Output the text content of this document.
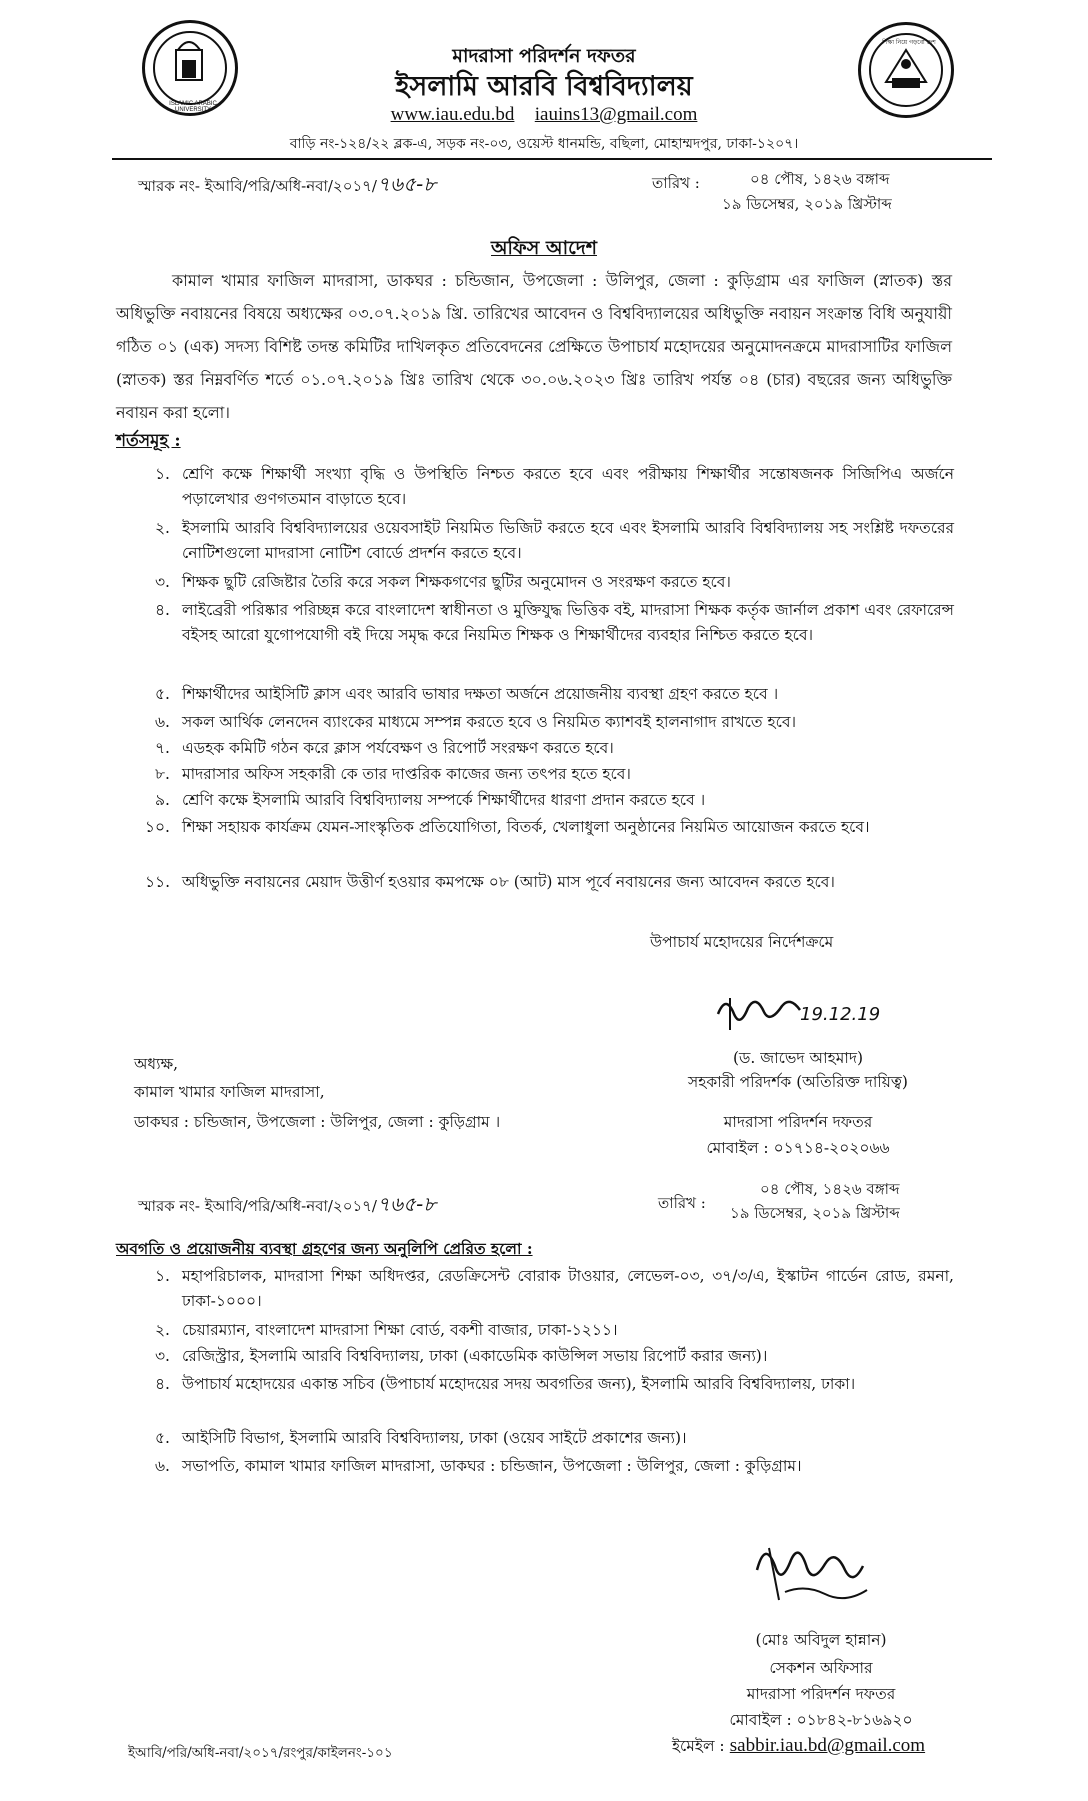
ISLAMIC ARABIC UNIVERSITY
শিক্ষা নিয়ে গড়বো দেশ
মাদরাসা পরিদর্শন দফতর
ইসলামি আরবি বিশ্ববিদ্যালয়
www.iau.edu.bd iauins13@gmail.com
বাড়ি নং-১২৪/২২ ব্লক-এ, সড়ক নং-০৩, ওয়েস্ট ধানমন্ডি, বছিলা, মোহাম্মদপুর, ঢাকা-১২০৭।
স্মারক নং- ইআবি/পরি/অধি-নবা/২০১৭/৭৬৫-৮	তারিখ :	০৪ পৌষ, ১৪২৬ বঙ্গাব্দ
১৯ ডিসেম্বর, ২০১৯ খ্রিস্টাব্দ
অফিস আদেশ
কামাল খামার ফাজিল মাদরাসা, ডাকঘর : চন্ডিজান, উপজেলা : উলিপুর, জেলা : কুড়িগ্রাম এর ফাজিল (স্নাতক) স্তর অধিভুক্তি নবায়নের বিষয়ে অধ্যক্ষের ০৩.০৭.২০১৯ খ্রি. তারিখের আবেদন ও বিশ্ববিদ্যালয়ের অধিভুক্তি নবায়ন সংক্রান্ত বিধি অনুযায়ী গঠিত ০১ (এক) সদস্য বিশিষ্ট তদন্ত কমিটির দাখিলকৃত প্রতিবেদনের প্রেক্ষিতে উপাচার্য মহোদয়ের অনুমোদনক্রমে মাদরাসাটির ফাজিল (স্নাতক) স্তর নিম্নবর্ণিত শর্তে ০১.০৭.২০১৯ খ্রিঃ তারিখ থেকে ৩০.০৬.২০২৩ খ্রিঃ তারিখ পর্যন্ত ০৪ (চার) বছরের জন্য অধিভুক্তি নবায়ন করা হলো।
শর্তসমূহ :
১. শ্রেণি কক্ষে শিক্ষার্থী সংখ্যা বৃদ্ধি ও উপস্থিতি নিশ্চত করতে হবে এবং পরীক্ষায় শিক্ষার্থীর সন্তোষজনক সিজিপিএ অর্জনে পড়ালেখার গুণগতমান বাড়াতে হবে।
২. ইসলামি আরবি বিশ্ববিদ্যালয়ের ওয়েবসাইট নিয়মিত ভিজিট করতে হবে এবং ইসলামি আরবি বিশ্ববিদ্যালয় সহ সংশ্লিষ্ট দফতরের নোটিশগুলো মাদরাসা নোটিশ বোর্ডে প্রদর্শন করতে হবে।
৩. শিক্ষক ছুটি রেজিষ্টার তৈরি করে সকল শিক্ষকগণের ছুটির অনুমোদন ও সংরক্ষণ করতে হবে।
৪. লাইব্রেরী পরিষ্কার পরিচ্ছন্ন করে বাংলাদেশ স্বাধীনতা ও মুক্তিযুদ্ধ ভিত্তিক বই, মাদরাসা শিক্ষক কর্তৃক জার্নাল প্রকাশ এবং রেফারেন্স বইসহ আরো যুগোপযোগী বই দিয়ে সমৃদ্ধ করে নিয়মিত শিক্ষক ও শিক্ষার্থীদের ব্যবহার নিশ্চিত করতে হবে।
৫. শিক্ষার্থীদের আইসিটি ক্লাস এবং আরবি ভাষার দক্ষতা অর্জনে প্রয়োজনীয় ব্যবস্থা গ্রহণ করতে হবে ।
৬. সকল আর্থিক লেনদেন ব্যাংকের মাধ্যমে সম্পন্ন করতে হবে ও নিয়মিত ক্যাশবই হালনাগাদ রাখতে হবে।
৭. এডহক কমিটি গঠন করে ক্লাস পর্যবেক্ষণ ও রিপোর্ট সংরক্ষণ করতে হবে।
৮. মাদরাসার অফিস সহকারী কে তার দাপ্তরিক কাজের জন্য তৎপর হতে হবে।
৯. শ্রেণি কক্ষে ইসলামি আরবি বিশ্ববিদ্যালয় সম্পর্কে শিক্ষার্থীদের ধারণা প্রদান করতে হবে ।
১০. শিক্ষা সহায়ক কার্যক্রম যেমন-সাংস্কৃতিক প্রতিযোগিতা, বিতর্ক, খেলাধুলা অনুষ্ঠানের নিয়মিত আয়োজন করতে হবে।
১১. অধিভুক্তি নবায়নের মেয়াদ উত্তীর্ণ হওয়ার কমপক্ষে ০৮ (আট) মাস পূর্বে নবায়নের জন্য আবেদন করতে হবে।
উপাচার্য মহোদয়ের নির্দেশক্রমে
19.12.19
(ড. জাভেদ আহমাদ)
সহকারী পরিদর্শক (অতিরিক্ত দায়িত্ব)
মাদরাসা পরিদর্শন দফতর
মোবাইল : ০১৭১৪-২০২০৬৬
অধ্যক্ষ,
কামাল খামার ফাজিল মাদরাসা,
ডাকঘর : চন্ডিজান, উপজেলা : উলিপুর, জেলা : কুড়িগ্রাম ।
স্মারক নং- ইআবি/পরি/অধি-নবা/২০১৭/৭৬৫-৮	তারিখ :
০৪ পৌষ, ১৪২৬ বঙ্গাব্দ
১৯ ডিসেম্বর, ২০১৯ খ্রিস্টাব্দ
অবগতি ও প্রয়োজনীয় ব্যবস্থা গ্রহণের জন্য অনুলিপি প্রেরিত হলো :
১. মহাপরিচালক, মাদরাসা শিক্ষা অধিদপ্তর, রেডক্রিসেন্ট বোরাক টাওয়ার, লেভেল-০৩, ৩৭/৩/এ, ইস্কাটন গার্ডেন রোড, রমনা, ঢাকা-১০০০।
২. চেয়ারম্যান, বাংলাদেশ মাদরাসা শিক্ষা বোর্ড, বকশী বাজার, ঢাকা-১২১১।
৩. রেজিস্ট্রার, ইসলামি আরবি বিশ্ববিদ্যালয়, ঢাকা (একাডেমিক কাউন্সিল সভায় রিপোর্ট করার জন্য)।
৪. উপাচার্য মহোদয়ের একান্ত সচিব (উপাচার্য মহোদয়ের সদয় অবগতির জন্য), ইসলামি আরবি বিশ্ববিদ্যালয়, ঢাকা।
৫. আইসিটি বিভাগ, ইসলামি আরবি বিশ্ববিদ্যালয়, ঢাকা (ওয়েব সাইটে প্রকাশের জন্য)।
৬. সভাপতি, কামাল খামার ফাজিল মাদরাসা, ডাকঘর : চন্ডিজান, উপজেলা : উলিপুর, জেলা : কুড়িগ্রাম।
(মোঃ অবিদুল হান্নান)
সেকশন অফিসার
মাদরাসা পরিদর্শন দফতর
মোবাইল : ০১৮৪২-৮১৬৯২০
ইমেইল : sabbir.iau.bd@gmail.com
ইআবি/পরি/অধি-নবা/২০১৭/রংপুর/কাইলনং-১০১
